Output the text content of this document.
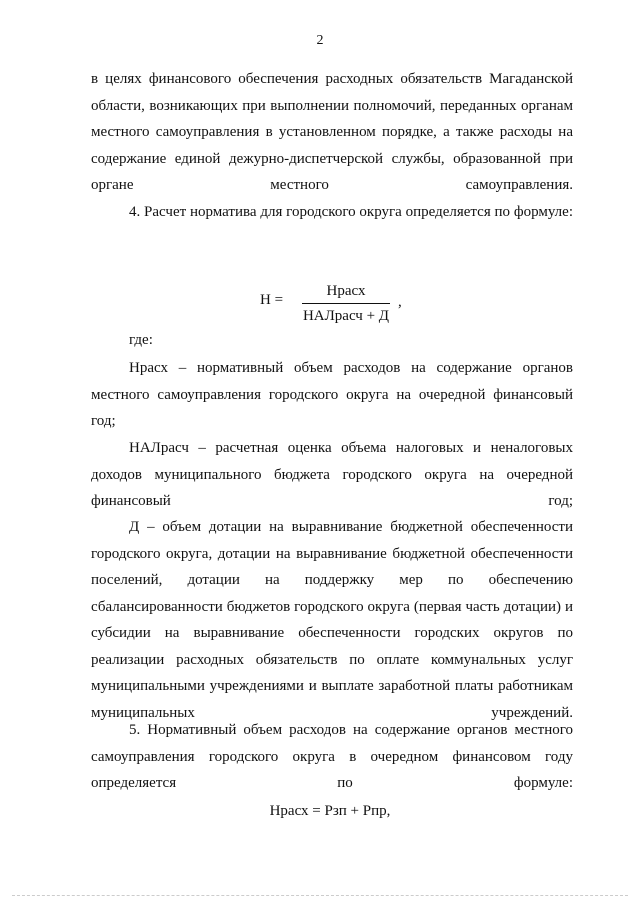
2

в целях финансового обеспечения расходных обязательств Магаданской области, возникающих при выполнении полномочий, переданных органам местного самоуправления в установленном порядке, а также расходы на содержание единой дежурно-диспетчерской службы, образованной при органе местного самоуправления.

4. Расчет норматива для городского округа определяется по формуле:

Н =
Нрасх
НАЛрасч + Д
,

где:

Нрасх – нормативный объем расходов на содержание органов местного самоуправления городского округа на очередной финансовый год;

НАЛрасч – расчетная оценка объема налоговых и неналоговых доходов муниципального бюджета городского округа на очередной финансовый год;

Д – объем дотации на выравнивание бюджетной обеспеченности городского округа, дотации на выравнивание бюджетной обеспеченности поселений, дотации на поддержку мер по обеспечению сбалансированности бюджетов городского округа (первая часть дотации) и субсидии на выравнивание обеспеченности городских округов по реализации расходных обязательств по оплате коммунальных услуг муниципальными учреждениями и выплате заработной платы работникам муниципальных учреждений.

5. Нормативный объем расходов на содержание органов местного самоуправления городского округа в очередном финансовом году определяется по формуле:

Нрасх = Рзп + Рпр,
